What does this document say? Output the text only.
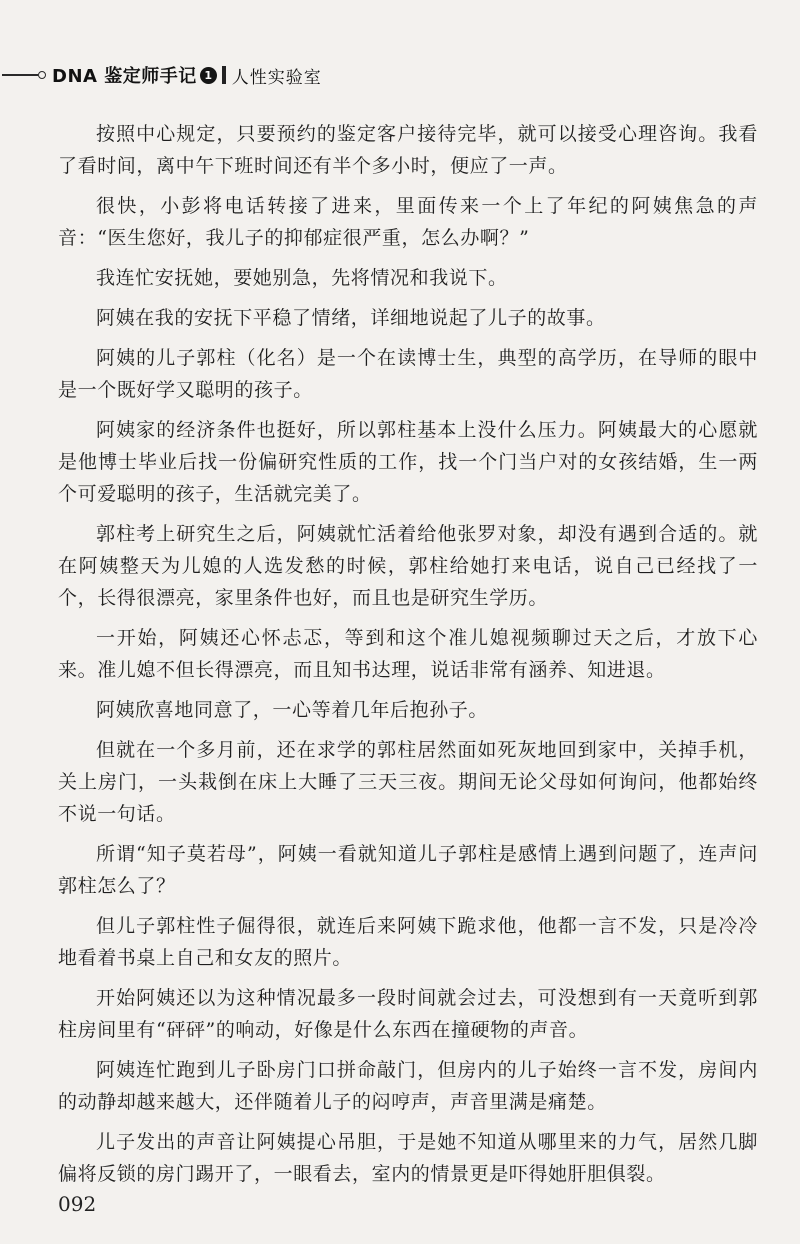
DNA 鉴定师手记 1 人性实验室

按照中心规定，只要预约的鉴定客户接待完毕，就可以接受心理咨询。我看了看时间，离中午下班时间还有半个多小时，便应了一声。

很快，小彭将电话转接了进来，里面传来一个上了年纪的阿姨焦急的声音：“医生您好，我儿子的抑郁症很严重，怎么办啊？”

我连忙安抚她，要她别急，先将情况和我说下。

阿姨在我的安抚下平稳了情绪，详细地说起了儿子的故事。

阿姨的儿子郭柱（化名）是一个在读博士生，典型的高学历，在导师的眼中是一个既好学又聪明的孩子。

阿姨家的经济条件也挺好，所以郭柱基本上没什么压力。阿姨最大的心愿就是他博士毕业后找一份偏研究性质的工作，找一个门当户对的女孩结婚，生一两个可爱聪明的孩子，生活就完美了。

郭柱考上研究生之后，阿姨就忙活着给他张罗对象，却没有遇到合适的。就在阿姨整天为儿媳的人选发愁的时候，郭柱给她打来电话，说自己已经找了一个，长得很漂亮，家里条件也好，而且也是研究生学历。

一开始，阿姨还心怀忐忑，等到和这个准儿媳视频聊过天之后，才放下心来。准儿媳不但长得漂亮，而且知书达理，说话非常有涵养、知进退。

阿姨欣喜地同意了，一心等着几年后抱孙子。

但就在一个多月前，还在求学的郭柱居然面如死灰地回到家中，关掉手机，关上房门，一头栽倒在床上大睡了三天三夜。期间无论父母如何询问，他都始终不说一句话。

所谓“知子莫若母”，阿姨一看就知道儿子郭柱是感情上遇到问题了，连声问郭柱怎么了？

但儿子郭柱性子倔得很，就连后来阿姨下跪求他，他都一言不发，只是冷冷地看着书桌上自己和女友的照片。

开始阿姨还以为这种情况最多一段时间就会过去，可没想到有一天竟听到郭柱房间里有“砰砰”的响动，好像是什么东西在撞硬物的声音。

阿姨连忙跑到儿子卧房门口拼命敲门，但房内的儿子始终一言不发，房间内的动静却越来越大，还伴随着儿子的闷哼声，声音里满是痛楚。

儿子发出的声音让阿姨提心吊胆，于是她不知道从哪里来的力气，居然几脚偏将反锁的房门踢开了，一眼看去，室内的情景更是吓得她肝胆俱裂。

092
